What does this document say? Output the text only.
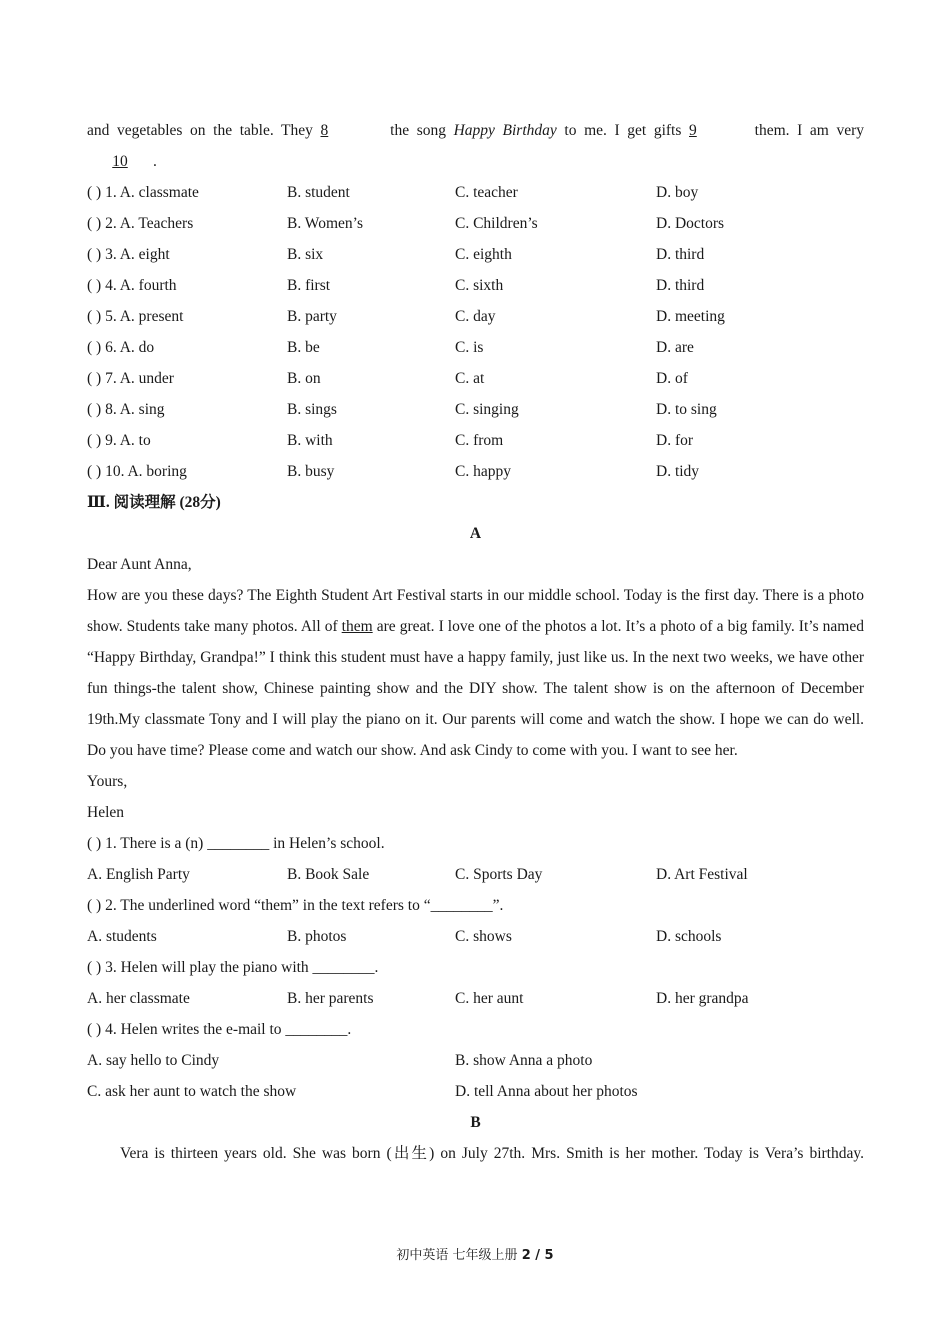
and vegetables on the table. They 8	the song Happy Birthday to me. I get gifts 9	them. I am very
10 .
( ) 1. A. classmate	B. student	C. teacher	D. boy
( ) 2. A. Teachers	B. Women’s	C. Children’s	D. Doctors
( ) 3. A. eight	B. six	C. eighth	D. third
( ) 4. A. fourth	B. first	C. sixth	D. third
( ) 5. A. present	B. party	C. day	D. meeting
( ) 6. A. do	B. be	C. is	D. are
( ) 7. A. under	B. on	C. at	D. of
( ) 8. A. sing	B. sings	C. singing	D. to sing
( ) 9. A. to	B. with	C. from	D. for
( ) 10. A. boring	B. busy	C. happy	D. tidy
Ⅲ. 阅读理解 (28分)
A
Dear Aunt Anna,
How are you these days? The Eighth Student Art Festival starts in our middle school. Today is the first day. There is a photo show. Students take many photos. All of them are great. I love one of the photos a lot. It’s a photo of a big family. It’s named “Happy Birthday, Grandpa!” I think this student must have a happy family, just like us. In the next two weeks, we have other fun things-the talent show, Chinese painting show and the DIY show. The talent show is on the afternoon of December 19th.My classmate Tony and I will play the piano on it. Our parents will come and watch the show. I hope we can do well. Do you have time? Please come and watch our show. And ask Cindy to come with you. I want to see her.
Yours,
Helen
( ) 1. There is a (n) ________ in Helen’s school.
A. English Party	B. Book Sale	C. Sports Day	D. Art Festival
( ) 2. The underlined word “them” in the text refers to “________”.
A. students	B. photos	C. shows	D. schools
( ) 3. Helen will play the piano with ________.
A. her classmate	B. her parents	C. her aunt	D. her grandpa
( ) 4. Helen writes the e-mail to ________.
A. say hello to Cindy	B. show Anna a photo
C. ask her aunt to watch the show	D. tell Anna about her photos
B
Vera is thirteen years old. She was born (出生) on July 27th. Mrs. Smith is her mother. Today is Vera’s birthday.
初中英语 七年级上册 2 / 5
